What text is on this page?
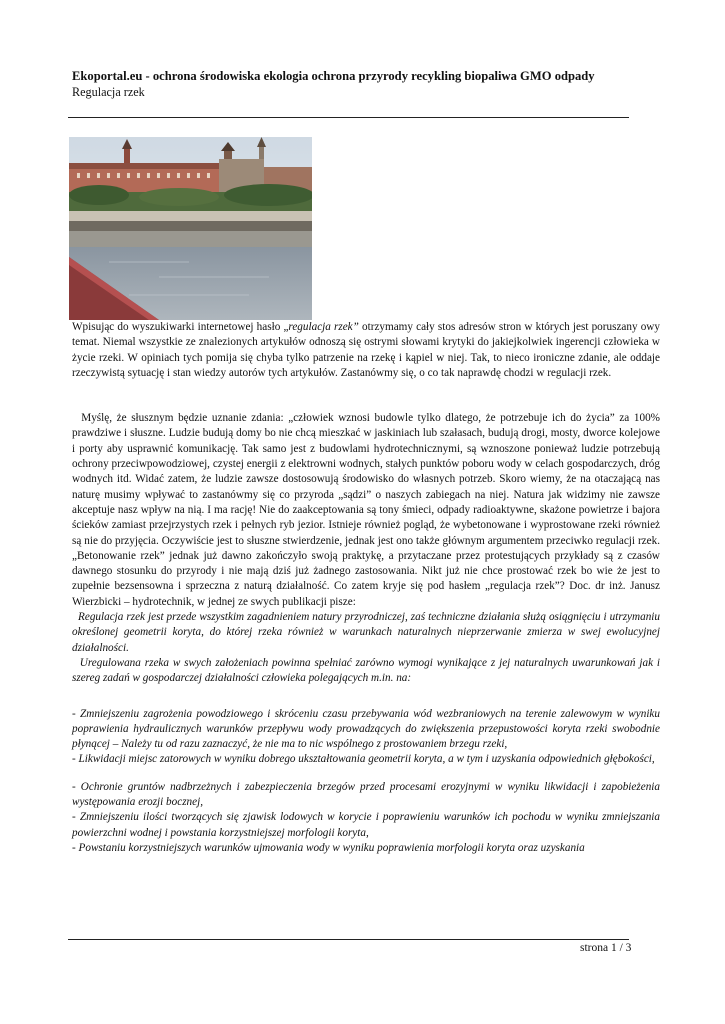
Ekoportal.eu - ochrona środowiska ekologia ochrona przyrody recykling biopaliwa GMO odpady
Regulacja rzek

Wpisując do wyszukiwarki internetowej hasło „regulacja rzek” otrzymamy cały stos adresów stron w których jest poruszany owy temat. Niemal wszystkie ze znalezionych artykułów odnoszą się ostrymi słowami krytyki do jakiejkolwiek ingerencji człowieka w życie rzeki. W opiniach tych pomija się chyba tylko patrzenie na rzekę i kąpiel w niej. Tak, to nieco ironiczne zdanie, ale oddaje rzeczywistą sytuację i stan wiedzy autorów tych artykułów. Zastanówmy się, o co tak naprawdę chodzi w regulacji rzek.

Myślę, że słusznym będzie uznanie zdania: „człowiek wznosi budowle tylko dlatego, że potrzebuje ich do życia” za 100% prawdziwe i słuszne. Ludzie budują domy bo nie chcą mieszkać w jaskiniach lub szałasach, budują drogi, mosty, dworce kolejowe i porty aby usprawnić komunikację. Tak samo jest z budowlami hydrotechnicznymi, są wznoszone ponieważ ludzie potrzebują ochrony przeciwpowodziowej, czystej energii z elektrowni wodnych, stałych punktów poboru wody w celach gospodarczych, dróg wodnych itd. Widać zatem, że ludzie zawsze dostosowują środowisko do własnych potrzeb. Skoro wiemy, że na otaczającą nas naturę musimy wpływać to zastanówmy się co przyroda „sądzi” o naszych zabiegach na niej. Natura jak widzimy nie zawsze akceptuje nasz wpływ na nią. I ma rację! Nie do zaakceptowania są tony śmieci, odpady radioaktywne, skażone powietrze i bajora ścieków zamiast przejrzystych rzek i pełnych ryb jezior. Istnieje również pogląd, że wybetonowane i wyprostowane rzeki również są nie do przyjęcia. Oczywiście jest to słuszne stwierdzenie, jednak jest ono także głównym argumentem przeciwko regulacji rzek. „Betonowanie rzek” jednak już dawno zakończyło swoją praktykę, a przytaczane przez protestujących przykłady są z czasów dawnego stosunku do przyrody i nie mają dziś już żadnego zastosowania. Nikt już nie chce prostować rzek bo wie że jest to zupełnie bezsensowna i sprzeczna z naturą działalność. Co zatem kryje się pod hasłem „regulacja rzek”? Doc. dr inż. Janusz Wierzbicki – hydrotechnik, w jednej ze swych publikacji pisze:

Regulacja rzek jest przede wszystkim zagadnieniem natury przyrodniczej, zaś techniczne działania służą osiągnięciu i utrzymaniu określonej geometrii koryta, do której rzeka również w warunkach naturalnych nieprzerwanie zmierza w swej ewolucyjnej działalności.

Uregulowana rzeka w swych założeniach powinna spełniać zarówno wymogi wynikające z jej naturalnych uwarunkowań jak i szereg zadań w gospodarczej działalności człowieka polegających m.in. na:

- Zmniejszeniu zagrożenia powodziowego i skróceniu czasu przebywania wód wezbraniowych na terenie zalewowym w wyniku poprawienia hydraulicznych warunków przepływu wody prowadzących do zwiększenia przepustowości koryta rzeki swobodnie płynącej – Należy tu od razu zaznaczyć, że nie ma to nic wspólnego z prostowaniem brzegu rzeki,

- Likwidacji miejsc zatorowych w wyniku dobrego ukształtowania geometrii koryta, a w tym i uzyskania odpowiednich głębokości,

- Ochronie gruntów nadbrzeżnych i zabezpieczenia brzegów przed procesami erozyjnymi w wyniku likwidacji i zapobieżenia występowania erozji bocznej,

- Zmniejszeniu ilości tworzących się zjawisk lodowych w korycie i poprawieniu warunków ich pochodu w wyniku zmniejszania powierzchni wodnej i powstania korzystniejszej morfologii koryta,

- Powstaniu korzystniejszych warunków ujmowania wody w wyniku poprawienia morfologii koryta oraz uzyskania

strona 1 / 3
